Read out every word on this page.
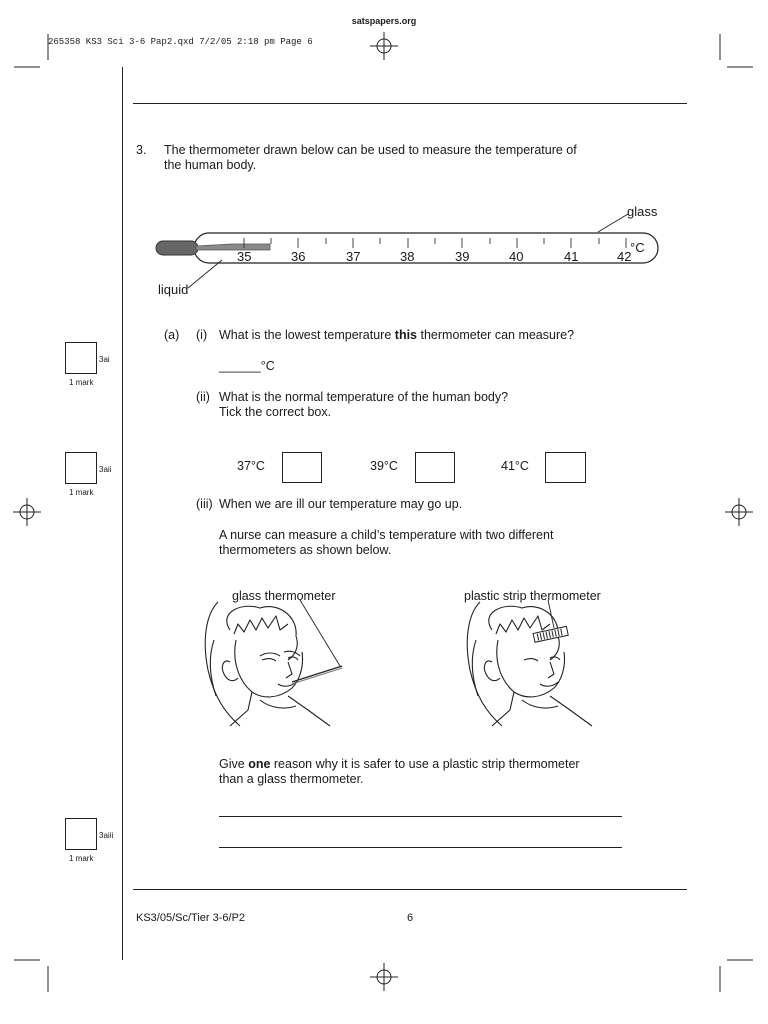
satspapers.org
265358 KS3 Sci 3-6 Pap2.qxd 7/2/05 2:18 pm Page 6
3. The thermometer drawn below can be used to measure the temperature of
the human body.
glass
liquid
°C
35	36	37	38	39	40	41	42
(a) (i) What is the lowest temperature this thermometer can measure?
______°C
3ai
1 mark
(ii) What is the normal temperature of the human body?
Tick the correct box.
37°C	39°C	41°C
3aii
1 mark
(iii) When we are ill our temperature may go up.
A nurse can measure a child’s temperature with two different
thermometers as shown below.
glass thermometer	plastic strip thermometer
Give one reason why it is safer to use a plastic strip thermometer
than a glass thermometer.
3aiii
1 mark
KS3/05/Sc/Tier 3-6/P2	6
